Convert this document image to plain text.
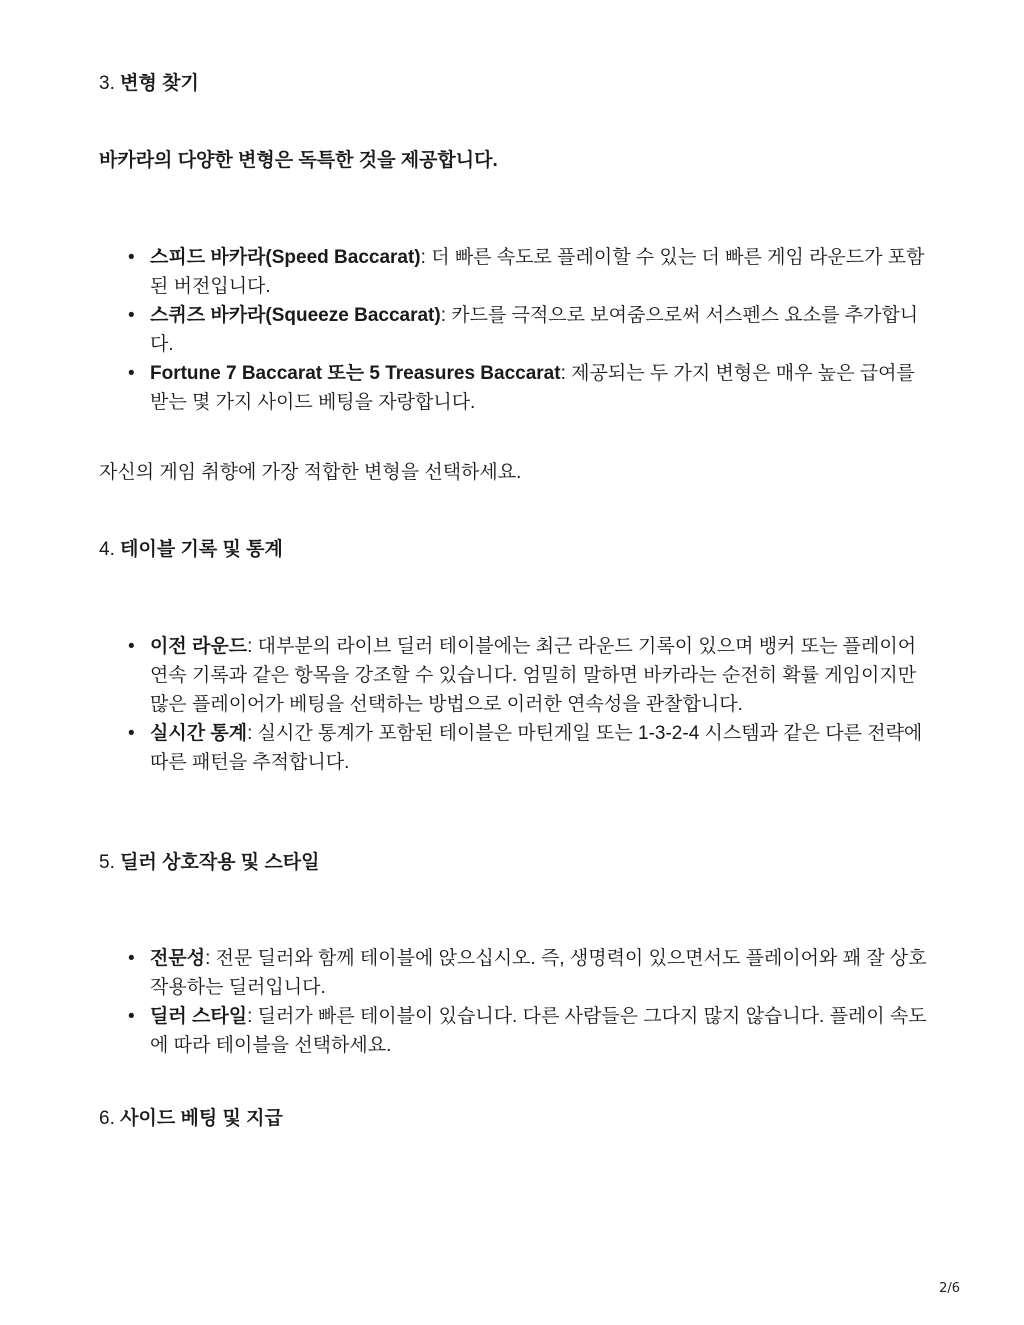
3. 변형 찾기
바카라의 다양한 변형은 독특한 것을 제공합니다.
• 스피드 바카라(Speed Baccarat): 더 빠른 속도로 플레이할 수 있는 더 빠른 게임 라운드가 포함된 버전입니다.
• 스퀴즈 바카라(Squeeze Baccarat): 카드를 극적으로 보여줌으로써 서스펜스 요소를 추가합니다.
• Fortune 7 Baccarat 또는 5 Treasures Baccarat: 제공되는 두 가지 변형은 매우 높은 급여를 받는 몇 가지 사이드 베팅을 자랑합니다.
자신의 게임 취향에 가장 적합한 변형을 선택하세요.
4. 테이블 기록 및 통계
• 이전 라운드: 대부분의 라이브 딜러 테이블에는 최근 라운드 기록이 있으며 뱅커 또는 플레이어 연속 기록과 같은 항목을 강조할 수 있습니다. 엄밀히 말하면 바카라는 순전히 확률 게임이지만 많은 플레이어가 베팅을 선택하는 방법으로 이러한 연속성을 관찰합니다.
• 실시간 통계: 실시간 통계가 포함된 테이블은 마틴게일 또는 1-3-2-4 시스템과 같은 다른 전략에 따른 패턴을 추적합니다.
5. 딜러 상호작용 및 스타일
• 전문성: 전문 딜러와 함께 테이블에 앉으십시오. 즉, 생명력이 있으면서도 플레이어와 꽤 잘 상호 작용하는 딜러입니다.
• 딜러 스타일: 딜러가 빠른 테이블이 있습니다. 다른 사람들은 그다지 많지 않습니다. 플레이 속도에 따라 테이블을 선택하세요.
6. 사이드 베팅 및 지급
2/6
